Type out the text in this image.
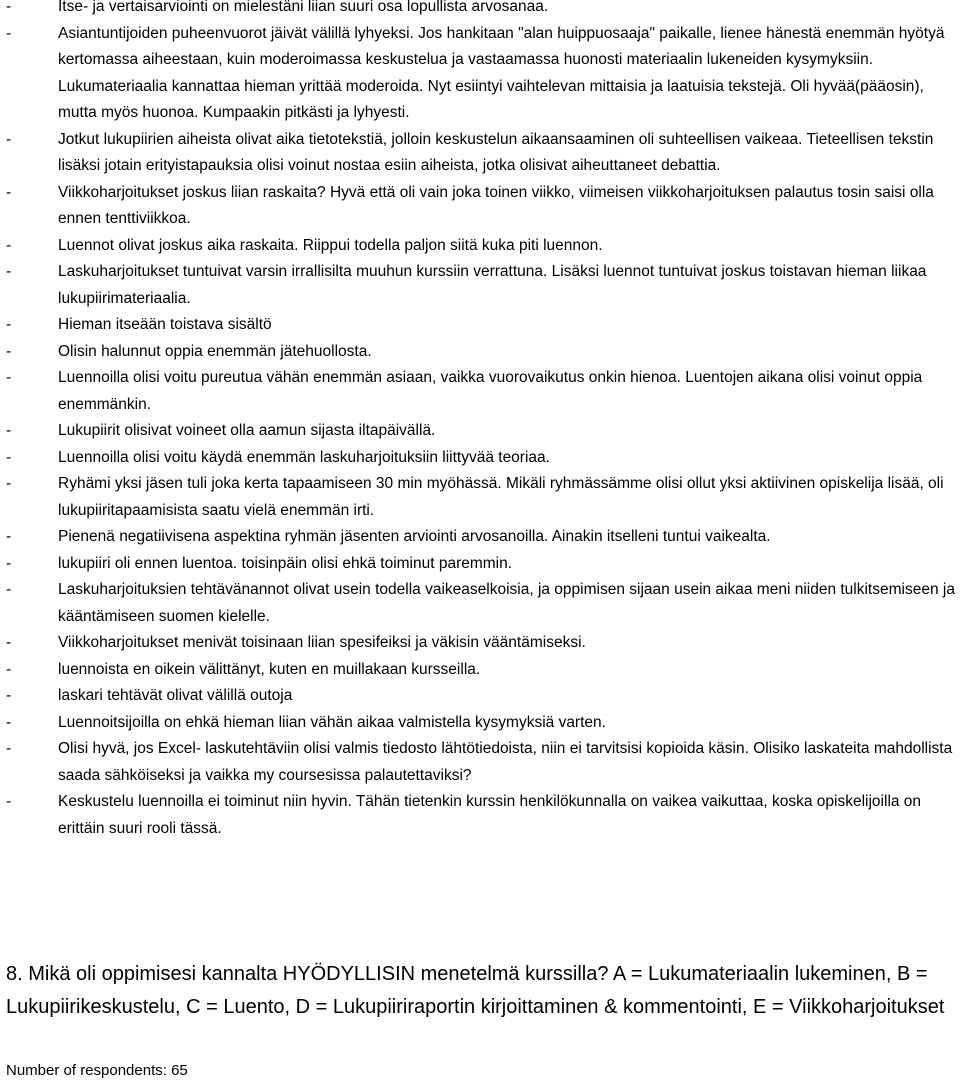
-	Itse- ja vertaisarviointi on mielestäni liian suuri osa lopullista arvosanaa.
-	Asiantuntijoiden puheenvuorot jäivät välillä lyhyeksi. Jos hankitaan "alan huippuosaaja" paikalle, lienee hänestä enemmän hyötyä kertomassa aiheestaan, kuin moderoimassa keskustelua ja vastaamassa huonosti materiaalin lukeneiden kysymyksiin. Lukumateriaalia kannattaa hieman yrittää moderoida. Nyt esiintyi vaihtelevan mittaisia ja laatuisia tekstejä. Oli hyvää(pääosin), mutta myös huonoa. Kumpaakin pitkästi ja lyhyesti.
-	Jotkut lukupiirien aiheista olivat aika tietotekstiä, jolloin keskustelun aikaansaaminen oli suhteellisen vaikeaa. Tieteellisen tekstin lisäksi jotain erityistapauksia olisi voinut nostaa esiin aiheista, jotka olisivat aiheuttaneet debattia.
-	Viikkoharjoitukset joskus liian raskaita? Hyvä että oli vain joka toinen viikko, viimeisen viikkoharjoituksen palautus tosin saisi olla ennen tenttiviikkoa.
-	Luennot olivat joskus aika raskaita. Riippui todella paljon siitä kuka piti luennon.
-	Laskuharjoitukset tuntuivat varsin irrallisilta muuhun kurssiin verrattuna. Lisäksi luennot tuntuivat joskus toistavan hieman liikaa lukupiirimateriaalia.
-	Hieman itseään toistava sisältö
-	Olisin halunnut oppia enemmän jätehuollosta.
-	Luennoilla olisi voitu pureutua vähän enemmän asiaan, vaikka vuorovaikutus onkin hienoa. Luentojen aikana olisi voinut oppia enemmänkin.
-	Lukupiirit olisivat voineet olla aamun sijasta iltapäivällä.
-	Luennoilla olisi voitu käydä enemmän laskuharjoituksiin liittyvää teoriaa.
-	Ryhämi yksi jäsen tuli joka kerta tapaamiseen 30 min myöhässä. Mikäli ryhmässämme olisi ollut yksi aktiivinen opiskelija lisää, oli lukupiiritapaamisista saatu vielä enemmän irti.
-	Pienenä negatiivisena aspektina ryhmän jäsenten arviointi arvosanoilla. Ainakin itselleni tuntui vaikealta.
-	lukupiiri oli ennen luentoa. toisinpäin olisi ehkä toiminut paremmin.
-	Laskuharjoituksien tehtävänannot olivat usein todella vaikeaselkoisia, ja oppimisen sijaan usein aikaa meni niiden tulkitsemiseen ja kääntämiseen suomen kielelle.
-	Viikkoharjoitukset menivät toisinaan liian spesifeiksi ja väkisin vääntämiseksi.
-	luennoista en oikein välittänyt, kuten en muillakaan kursseilla.
-	laskari tehtävät olivat välillä outoja
-	Luennoitsijoilla on ehkä hieman liian vähän aikaa valmistella kysymyksiä varten.
-	Olisi hyvä, jos Excel- laskutehtäviin olisi valmis tiedosto lähtötiedoista, niin ei tarvitsisi kopioida käsin. Olisiko laskateita mahdollista saada sähköiseksi ja vaikka my coursesissa palautettaviksi?
-	Keskustelu luennoilla ei toiminut niin hyvin. Tähän tietenkin kurssin henkilökunnalla on vaikea vaikuttaa, koska opiskelijoilla on erittäin suuri rooli tässä.
8. Mikä oli oppimisesi kannalta HYÖDYLLISIN menetelmä kurssilla? A = Lukumateriaalin lukeminen, B = Lukupiirikeskustelu, C = Luento, D = Lukupiiriraportin kirjoittaminen & kommentointi, E = Viikkoharjoitukset
Number of respondents: 65
